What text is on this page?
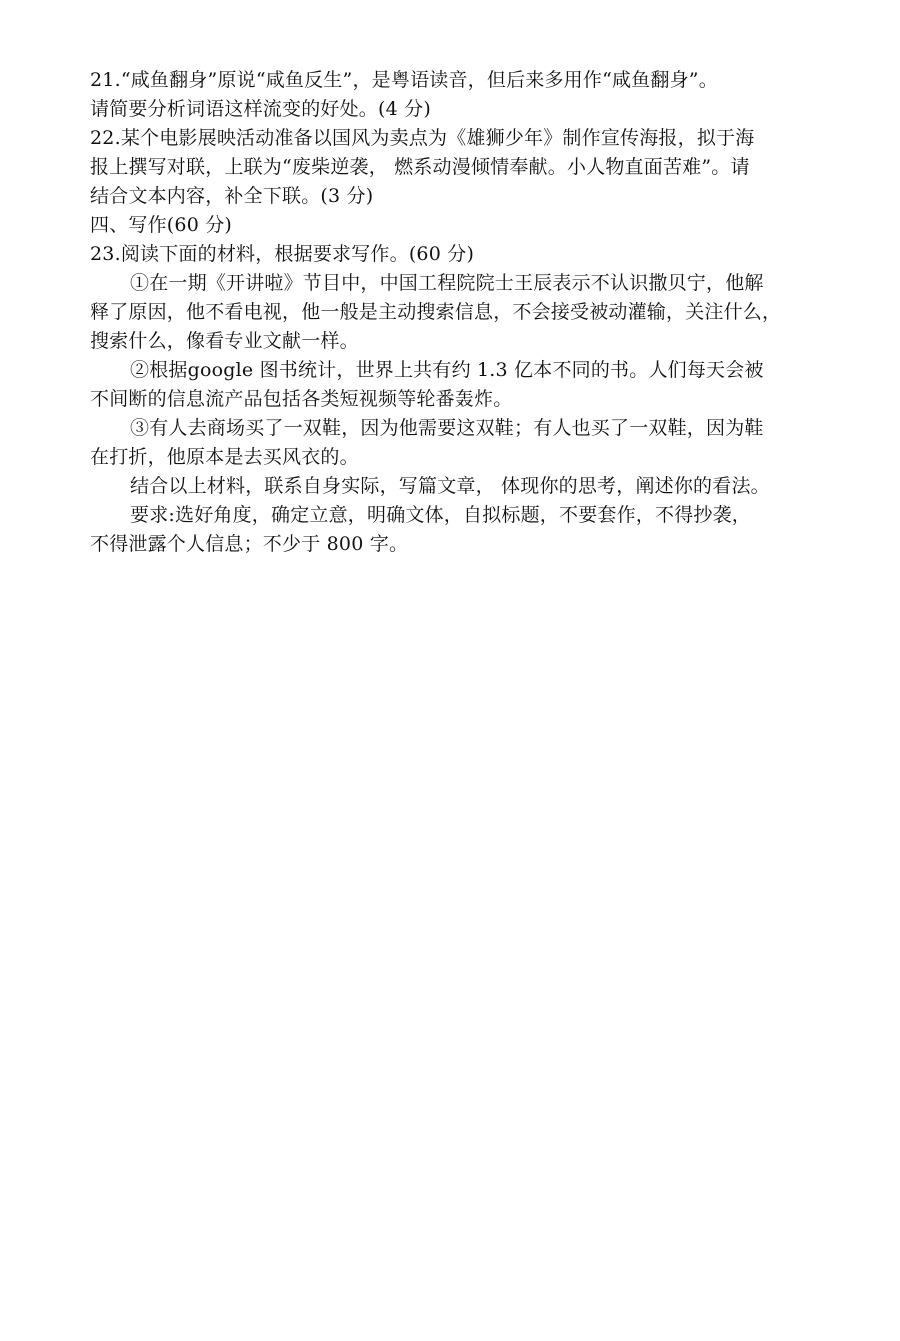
21.“咸鱼翻身”原说“咸鱼反生”，是粤语读音，但后来多用作“咸鱼翻身”。

请简要分析词语这样流变的好处。(4 分)

22.某个电影展映活动准备以国风为卖点为《雄狮少年》制作宣传海报，拟于海

报上撰写对联，上联为“废柴逆袭， 燃系动漫倾情奉献。小人物直面苦难”。请

结合文本内容，补全下联。(3 分)

四、写作(60 分)

23.阅读下面的材料，根据要求写作。(60 分)

①在一期《开讲啦》节目中，中国工程院院士王辰表示不认识撒贝宁，他解

释了原因，他不看电视，他一般是主动搜索信息，不会接受被动灌输，关注什么，

搜索什么，像看专业文献一样。

②根据google 图书统计，世界上共有约 1.3 亿本不同的书。人们每天会被

不间断的信息流产品包括各类短视频等轮番轰炸。

③有人去商场买了一双鞋，因为他需要这双鞋；有人也买了一双鞋，因为鞋

在打折，他原本是去买风衣的。

结合以上材料，联系自身实际，写篇文章， 体现你的思考，阐述你的看法。

要求:选好角度，确定立意，明确文体，自拟标题，不要套作，不得抄袭，

不得泄露个人信息；不少于 800 字。
